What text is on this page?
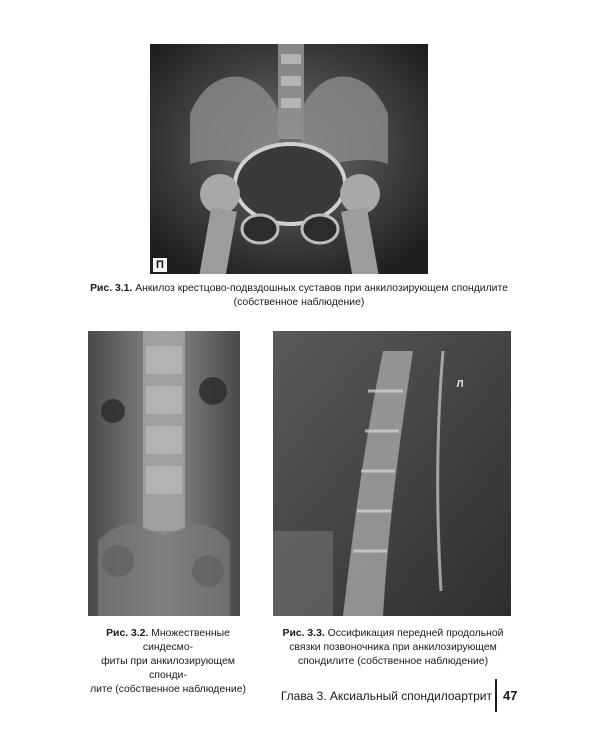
П
Рис. 3.1. Анкилоз крестцово-подвздошных суставов при анкилозирующем спондилите
(собственное наблюдение)
Рис. 3.2. Множественные синдесмо-
фиты при анкилозирующем спонди-
лите (собственное наблюдение)
Л
Рис. 3.3. Оссификация передней продольной
связки позвоночника при анкилозирующем
спондилите (собственное наблюдение)
Глава 3. Аксиальный спондилоартрит 47
